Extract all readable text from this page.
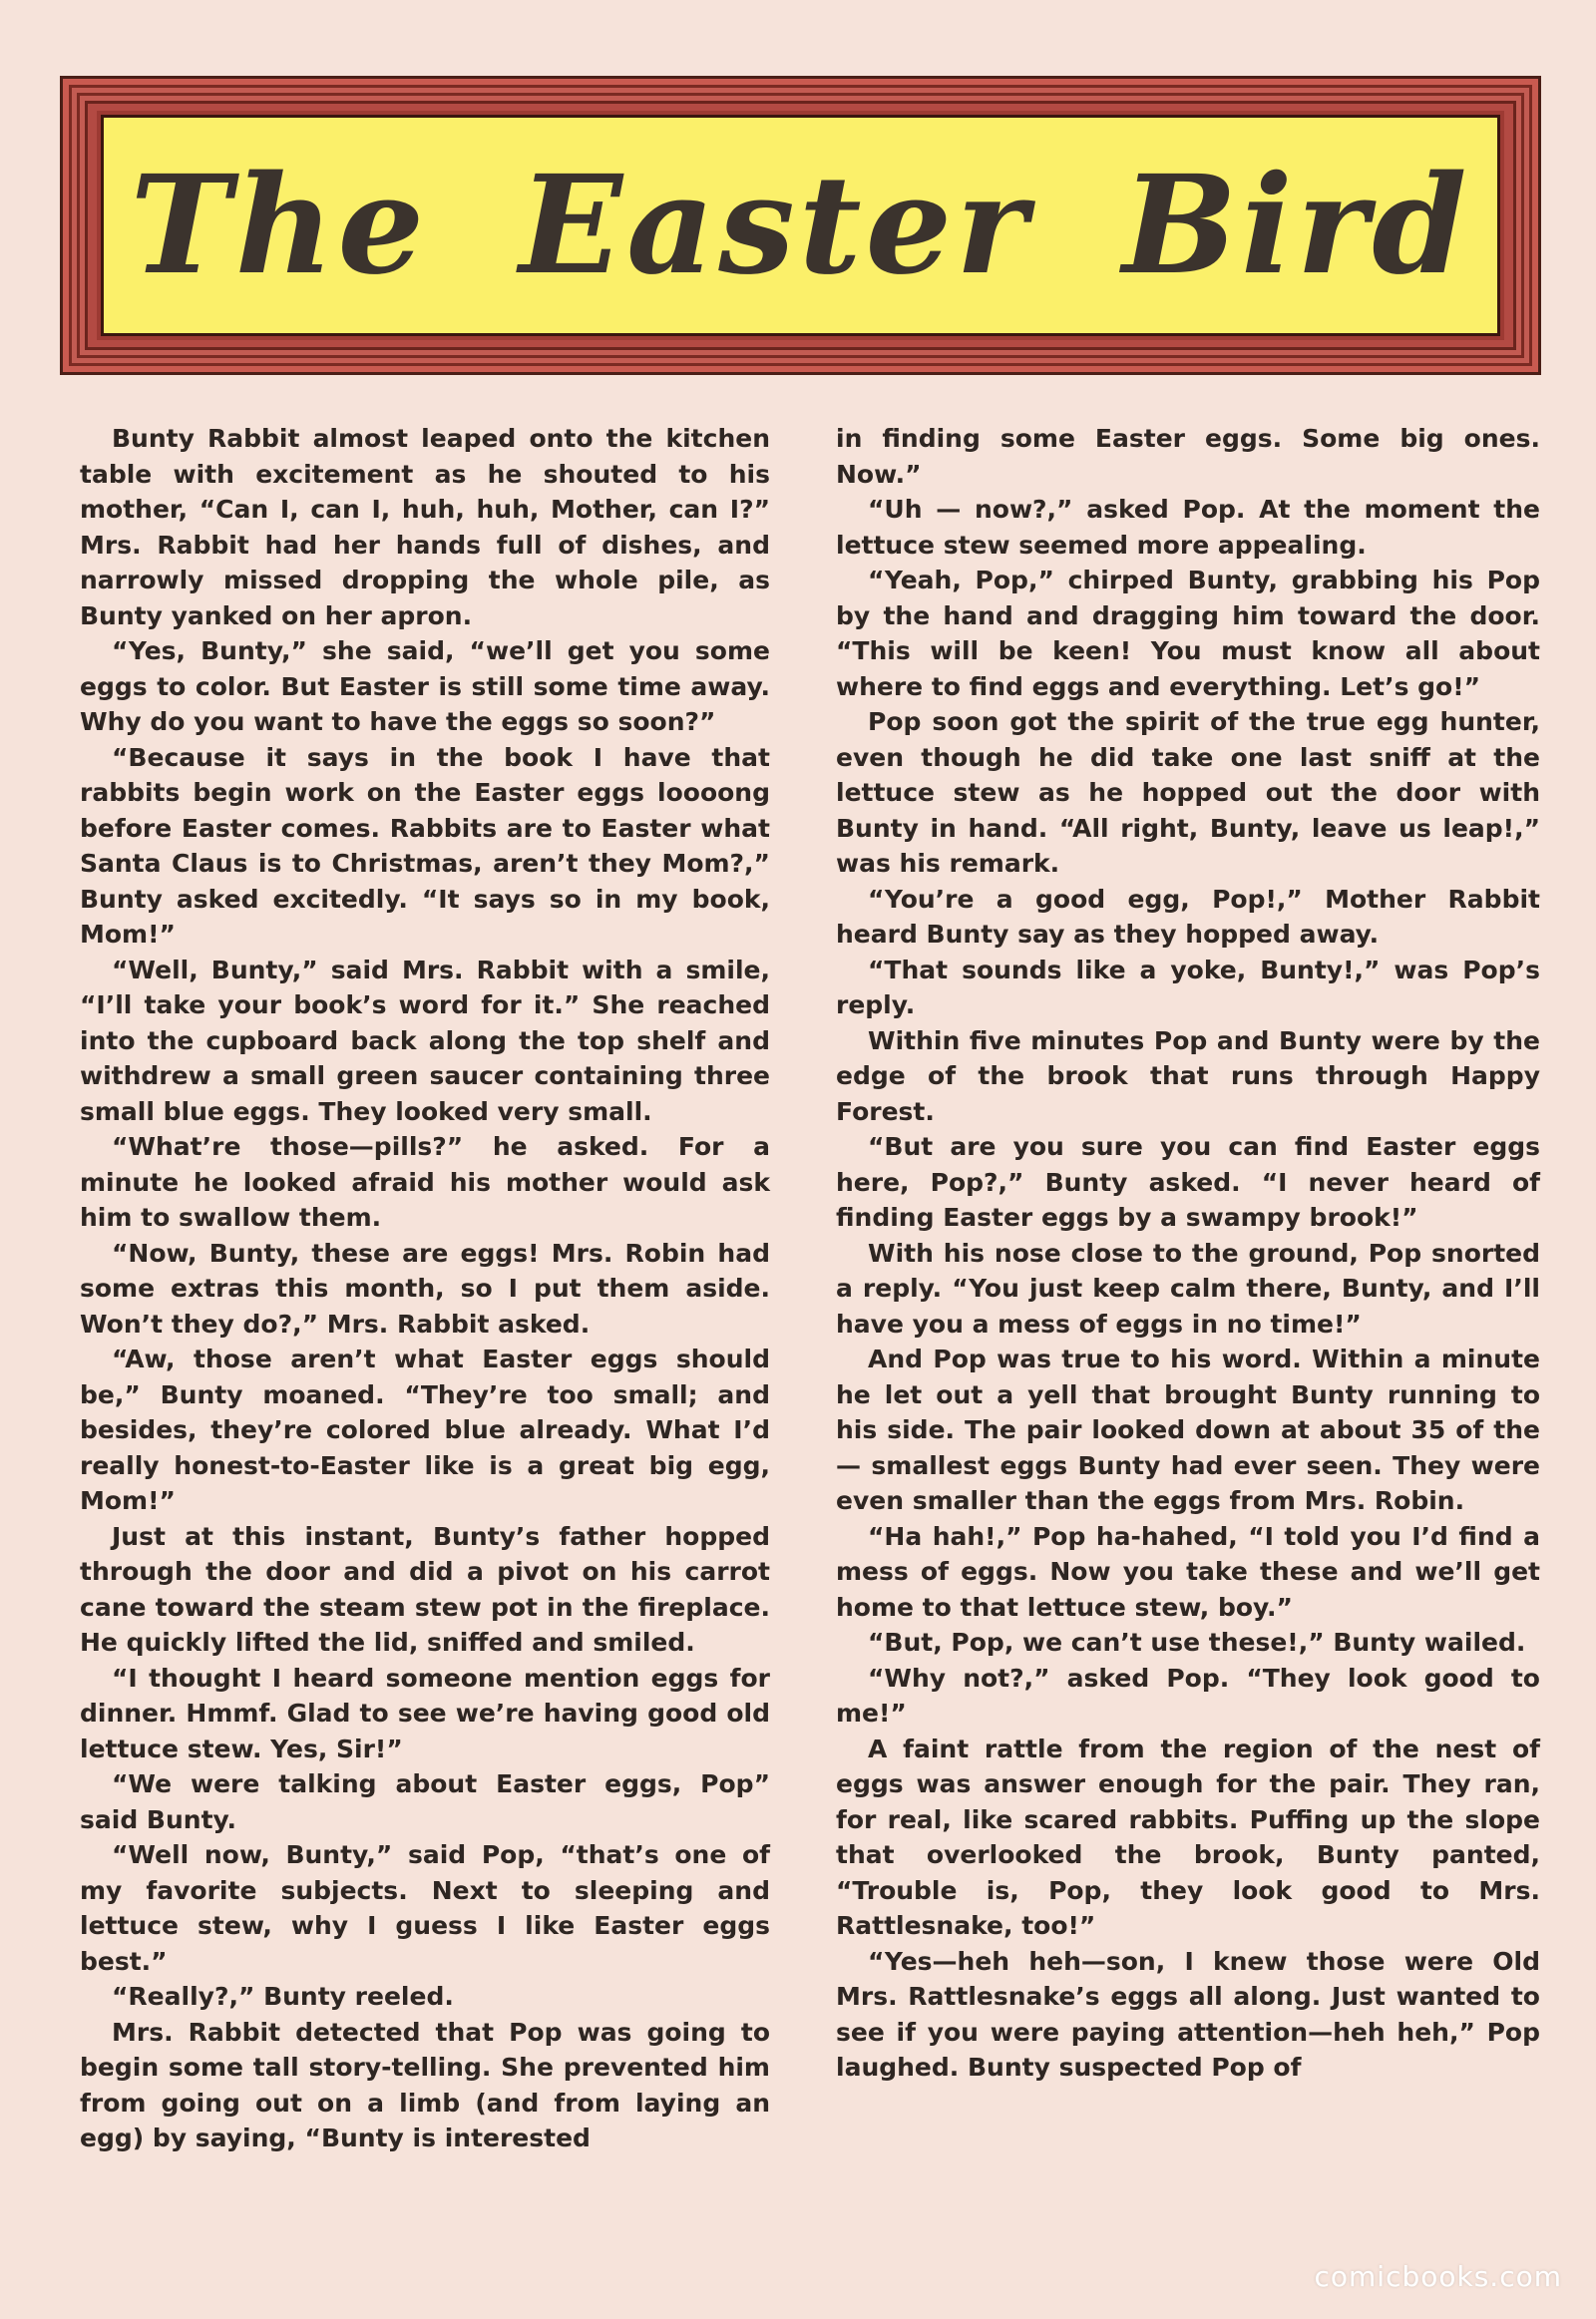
The Easter Bird

Bunty Rabbit almost leaped onto the kitchen table with excitement as he shouted to his mother, “Can I, can I, huh, huh, Mother, can I?” Mrs. Rabbit had her hands full of dishes, and narrowly missed dropping the whole pile, as Bunty yanked on her apron.

“Yes, Bunty,” she said, “we’ll get you some eggs to color. But Easter is still some time away. Why do you want to have the eggs so soon?”

“Because it says in the book I have that rabbits begin work on the Easter eggs loooong before Easter comes. Rabbits are to Easter what Santa Claus is to Christmas, aren’t they Mom?,” Bunty asked excitedly. “It says so in my book, Mom!”

“Well, Bunty,” said Mrs. Rabbit with a smile, “I’ll take your book’s word for it.” She reached into the cupboard back along the top shelf and withdrew a small green saucer containing three small blue eggs. They looked very small.

“What’re those—pills?” he asked. For a minute he looked afraid his mother would ask him to swallow them.

“Now, Bunty, these are eggs! Mrs. Robin had some extras this month, so I put them aside. Won’t they do?,” Mrs. Rabbit asked.

“Aw, those aren’t what Easter eggs should be,” Bunty moaned. “They’re too small; and besides, they’re colored blue already. What I’d really honest-to-Easter like is a great big egg, Mom!”

Just at this instant, Bunty’s father hopped through the door and did a pivot on his carrot cane toward the steam stew pot in the fireplace. He quickly lifted the lid, sniffed and smiled.

“I thought I heard someone mention eggs for dinner. Hmmf. Glad to see we’re having good old lettuce stew. Yes, Sir!”

“We were talking about Easter eggs, Pop” said Bunty.

“Well now, Bunty,” said Pop, “that’s one of my favorite subjects. Next to sleeping and lettuce stew, why I guess I like Easter eggs best.”

“Really?,” Bunty reeled.

Mrs. Rabbit detected that Pop was going to begin some tall story-telling. She prevented him from going out on a limb (and from laying an egg) by saying, “Bunty is interested

in finding some Easter eggs. Some big ones. Now.”

“Uh — now?,” asked Pop. At the moment the lettuce stew seemed more appealing.

“Yeah, Pop,” chirped Bunty, grabbing his Pop by the hand and dragging him toward the door. “This will be keen! You must know all about where to find eggs and everything. Let’s go!”

Pop soon got the spirit of the true egg hunter, even though he did take one last sniff at the lettuce stew as he hopped out the door with Bunty in hand. “All right, Bunty, leave us leap!,” was his remark.

“You’re a good egg, Pop!,” Mother Rabbit heard Bunty say as they hopped away.

“That sounds like a yoke, Bunty!,” was Pop’s reply.

Within five minutes Pop and Bunty were by the edge of the brook that runs through Happy Forest.

“But are you sure you can find Easter eggs here, Pop?,” Bunty asked. “I never heard of finding Easter eggs by a swampy brook!”

With his nose close to the ground, Pop snorted a reply. “You just keep calm there, Bunty, and I’ll have you a mess of eggs in no time!”

And Pop was true to his word. Within a minute he let out a yell that brought Bunty running to his side. The pair looked down at about 35 of the — smallest eggs Bunty had ever seen. They were even smaller than the eggs from Mrs. Robin.

“Ha hah!,” Pop ha-hahed, “I told you I’d find a mess of eggs. Now you take these and we’ll get home to that lettuce stew, boy.”

“But, Pop, we can’t use these!,” Bunty wailed.

“Why not?,” asked Pop. “They look good to me!”

A faint rattle from the region of the nest of eggs was answer enough for the pair. They ran, for real, like scared rabbits. Puffing up the slope that overlooked the brook, Bunty panted, “Trouble is, Pop, they look good to Mrs. Rattlesnake, too!”

“Yes—heh heh—son, I knew those were Old Mrs. Rattlesnake’s eggs all along. Just wanted to see if you were paying attention—heh heh,” Pop laughed. Bunty suspected Pop of

comicbooks.com
